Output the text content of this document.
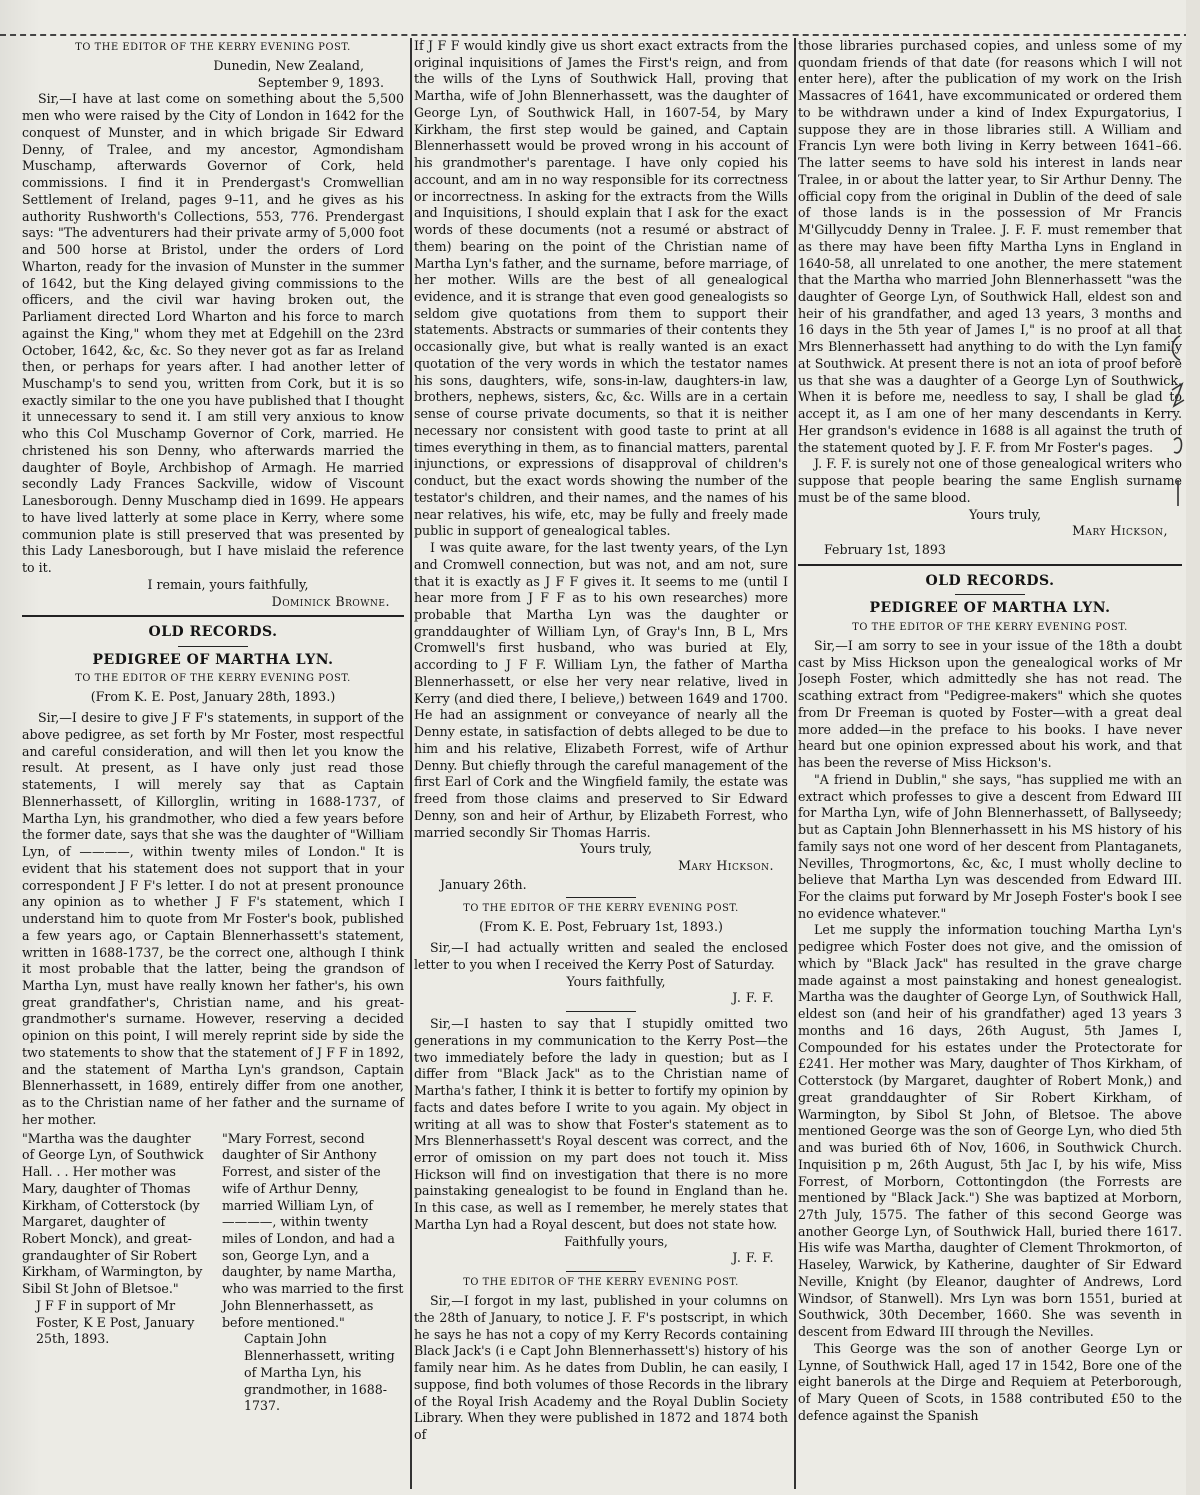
TO THE EDITOR OF THE KERRY EVENING POST.

Dunedin, New Zealand,

September 9, 1893.

Sir,—I have at last come on something about the 5,500 men who were raised by the City of London in 1642 for the conquest of Munster, and in which brigade Sir Edward Denny, of Tralee, and my ancestor, Agmondisham Muschamp, afterwards Governor of Cork, held commissions. I find it in Prendergast's Cromwellian Settlement of Ireland, pages 9–11, and he gives as his authority Rushworth's Collections, 553, 776. Prendergast says: "The adventurers had their private army of 5,000 foot and 500 horse at Bristol, under the orders of Lord Wharton, ready for the invasion of Munster in the summer of 1642, but the King delayed giving commissions to the officers, and the civil war having broken out, the Parliament directed Lord Wharton and his force to march against the King," whom they met at Edgehill on the 23rd October, 1642, &c, &c. So they never got as far as Ireland then, or perhaps for years after. I had another letter of Muschamp's to send you, written from Cork, but it is so exactly similar to the one you have published that I thought it unnecessary to send it. I am still very anxious to know who this Col Muschamp Governor of Cork, married. He christened his son Denny, who afterwards married the daughter of Boyle, Archbishop of Armagh. He married secondly Lady Frances Sackville, widow of Viscount Lanesborough. Denny Muschamp died in 1699. He appears to have lived latterly at some place in Kerry, where some communion plate is still preserved that was presented by this Lady Lanesborough, but I have mislaid the reference to it.

I remain, yours faithfully,

Dominick Browne.

OLD RECORDS.

PEDIGREE OF MARTHA LYN.

TO THE EDITOR OF THE KERRY EVENING POST.

(From K. E. Post, January 28th, 1893.)

Sir,—I desire to give J F F's statements, in support of the above pedigree, as set forth by Mr Foster, most respectful and careful consideration, and will then let you know the result. At present, as I have only just read those statements, I will merely say that as Captain Blennerhassett, of Killorglin, writing in 1688-1737, of Martha Lyn, his grandmother, who died a few years before the former date, says that she was the daughter of "William Lyn, of ————, within twenty miles of London." It is evident that his statement does not support that in your correspondent J F F's letter. I do not at present pronounce any opinion as to whether J F F's statement, which I understand him to quote from Mr Foster's book, published a few years ago, or Captain Blennerhassett's statement, written in 1688-1737, be the correct one, although I think it most probable that the latter, being the grandson of Martha Lyn, must have really known her father's, his own great grandfather's, Christian name, and his great-grandmother's surname. However, reserving a decided opinion on this point, I will merely reprint side by side the two statements to show that the statement of J F F in 1892, and the statement of Martha Lyn's grandson, Captain Blennerhassett, in 1689, entirely differ from one another, as to the Christian name of her father and the surname of her mother.

"Martha was the daughter of George Lyn, of Southwick Hall. . . Her mother was Mary, daughter of Thomas Kirkham, of Cotterstock (by Margaret, daughter of Robert Monck), and great-grandaughter of Sir Robert Kirkham, of Warmington, by Sibil St John of Bletsoe."

J F F in support of Mr Foster, K E Post, January 25th, 1893.

"Mary Forrest, second daughter of Sir Anthony Forrest, and sister of the wife of Arthur Denny, married William Lyn, of ————, within twenty miles of London, and had a son, George Lyn, and a daughter, by name Martha, who was married to the first John Blennerhassett, as before mentioned."

Captain John Blennerhassett, writing of Martha Lyn, his grandmother, in 1688-1737.

If J F F would kindly give us short exact extracts from the original inquisitions of James the First's reign, and from the wills of the Lyns of Southwick Hall, proving that Martha, wife of John Blennerhassett, was the daughter of George Lyn, of Southwick Hall, in 1607-54, by Mary Kirkham, the first step would be gained, and Captain Blennerhassett would be proved wrong in his account of his grandmother's parentage. I have only copied his account, and am in no way responsible for its correctness or incorrectness. In asking for the extracts from the Wills and Inquisitions, I should explain that I ask for the exact words of these documents (not a resumé or abstract of them) bearing on the point of the Christian name of Martha Lyn's father, and the surname, before marriage, of her mother. Wills are the best of all genealogical evidence, and it is strange that even good genealogists so seldom give quotations from them to support their statements. Abstracts or summaries of their contents they occasionally give, but what is really wanted is an exact quotation of the very words in which the testator names his sons, daughters, wife, sons-in-law, daughters-in law, brothers, nephews, sisters, &c, &c. Wills are in a certain sense of course private documents, so that it is neither necessary nor consistent with good taste to print at all times everything in them, as to financial matters, parental injunctions, or expressions of disapproval of children's conduct, but the exact words showing the number of the testator's children, and their names, and the names of his near relatives, his wife, etc, may be fully and freely made public in support of genealogical tables.

I was quite aware, for the last twenty years, of the Lyn and Cromwell connection, but was not, and am not, sure that it is exactly as J F F gives it. It seems to me (until I hear more from J F F as to his own researches) more probable that Martha Lyn was the daughter or granddaughter of William Lyn, of Gray's Inn, B L, Mrs Cromwell's first husband, who was buried at Ely, according to J F F. William Lyn, the father of Martha Blennerhassett, or else her very near relative, lived in Kerry (and died there, I believe,) between 1649 and 1700. He had an assignment or conveyance of nearly all the Denny estate, in satisfaction of debts alleged to be due to him and his relative, Elizabeth Forrest, wife of Arthur Denny. But chiefly through the careful management of the first Earl of Cork and the Wingfield family, the estate was freed from those claims and preserved to Sir Edward Denny, son and heir of Arthur, by Elizabeth Forrest, who married secondly Sir Thomas Harris.

Yours truly,

Mary Hickson.

January 26th.

TO THE EDITOR OF THE KERRY EVENING POST.

(From K. E. Post, February 1st, 1893.)

Sir,—I had actually written and sealed the enclosed letter to you when I received the Kerry Post of Saturday.

Yours faithfully,

J. F. F.

Sir,—I hasten to say that I stupidly omitted two generations in my communication to the Kerry Post—the two immediately before the lady in question; but as I differ from "Black Jack" as to the Christian name of Martha's father, I think it is better to fortify my opinion by facts and dates before I write to you again. My object in writing at all was to show that Foster's statement as to Mrs Blennerhassett's Royal descent was correct, and the error of omission on my part does not touch it. Miss Hickson will find on investigation that there is no more painstaking genealogist to be found in England than he. In this case, as well as I remember, he merely states that Martha Lyn had a Royal descent, but does not state how.

Faithfully yours,

J. F. F.

TO THE EDITOR OF THE KERRY EVENING POST.

Sir,—I forgot in my last, published in your columns on the 28th of January, to notice J. F. F's postscript, in which he says he has not a copy of my Kerry Records containing Black Jack's (i e Capt John Blennerhassett's) history of his family near him. As he dates from Dublin, he can easily, I suppose, find both volumes of those Records in the library of the Royal Irish Academy and the Royal Dublin Society Library. When they were published in 1872 and 1874 both of

those libraries purchased copies, and unless some of my quondam friends of that date (for reasons which I will not enter here), after the publication of my work on the Irish Massacres of 1641, have excommunicated or ordered them to be withdrawn under a kind of Index Expurgatorius, I suppose they are in those libraries still. A William and Francis Lyn were both living in Kerry between 1641–66. The latter seems to have sold his interest in lands near Tralee, in or about the latter year, to Sir Arthur Denny. The official copy from the original in Dublin of the deed of sale of those lands is in the possession of Mr Francis M'Gillycuddy Denny in Tralee. J. F. F. must remember that as there may have been fifty Martha Lyns in England in 1640-58, all unrelated to one another, the mere statement that the Martha who married John Blennerhassett "was the daughter of George Lyn, of Southwick Hall, eldest son and heir of his grandfather, and aged 13 years, 3 months and 16 days in the 5th year of James I," is no proof at all that Mrs Blennerhassett had anything to do with the Lyn family at Southwick. At present there is not an iota of proof before us that she was a daughter of a George Lyn of Southwick. When it is before me, needless to say, I shall be glad to accept it, as I am one of her many descendants in Kerry. Her grandson's evidence in 1688 is all against the truth of the statement quoted by J. F. F. from Mr Foster's pages.

J. F. F. is surely not one of those genealogical writers who suppose that people bearing the same English surname must be of the same blood.

Yours truly,

Mary Hickson,

February 1st, 1893

OLD RECORDS.

PEDIGREE OF MARTHA LYN.

TO THE EDITOR OF THE KERRY EVENING POST.

Sir,—I am sorry to see in your issue of the 18th a doubt cast by Miss Hickson upon the genealogical works of Mr Joseph Foster, which admittedly she has not read. The scathing extract from "Pedigree-makers" which she quotes from Dr Freeman is quoted by Foster—with a great deal more added—in the preface to his books. I have never heard but one opinion expressed about his work, and that has been the reverse of Miss Hickson's.

"A friend in Dublin," she says, "has supplied me with an extract which professes to give a descent from Edward III for Martha Lyn, wife of John Blennerhassett, of Ballyseedy; but as Captain John Blennerhassett in his MS history of his family says not one word of her descent from Plantaganets, Nevilles, Throgmortons, &c, &c, I must wholly decline to believe that Martha Lyn was descended from Edward III. For the claims put forward by Mr Joseph Foster's book I see no evidence whatever."

Let me supply the information touching Martha Lyn's pedigree which Foster does not give, and the omission of which by "Black Jack" has resulted in the grave charge made against a most painstaking and honest genealogist. Martha was the daughter of George Lyn, of Southwick Hall, eldest son (and heir of his grandfather) aged 13 years 3 months and 16 days, 26th August, 5th James I, Compounded for his estates under the Protectorate for £241. Her mother was Mary, daughter of Thos Kirkham, of Cotterstock (by Margaret, daughter of Robert Monk,) and great granddaughter of Sir Robert Kirkham, of Warmington, by Sibol St John, of Bletsoe. The above mentioned George was the son of George Lyn, who died 5th and was buried 6th of Nov, 1606, in Southwick Church. Inquisition p m, 26th August, 5th Jac I, by his wife, Miss Forrest, of Morborn, Cottontingdon (the Forrests are mentioned by "Black Jack.") She was baptized at Morborn, 27th July, 1575. The father of this second George was another George Lyn, of Southwick Hall, buried there 1617. His wife was Martha, daughter of Clement Throkmorton, of Haseley, Warwick, by Katherine, daughter of Sir Edward Neville, Knight (by Eleanor, daughter of Andrews, Lord Windsor, of Stanwell). Mrs Lyn was born 1551, buried at Southwick, 30th December, 1660. She was seventh in descent from Edward III through the Nevilles.

This George was the son of another George Lyn or Lynne, of Southwick Hall, aged 17 in 1542, Bore one of the eight banerols at the Dirge and Requiem at Peterborough, of Mary Queen of Scots, in 1588 contributed £50 to the defence against the Spanish
